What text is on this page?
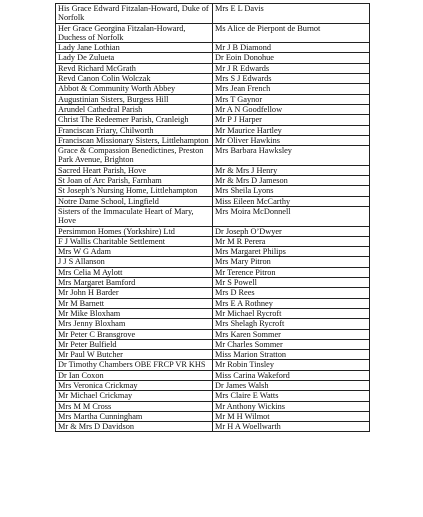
His Grace Edward Fitzalan-Howard, Duke of Norfolk	Mrs E L Davis
Her Grace Georgina Fitzalan-Howard, Duchess of Norfolk	Ms Alice de Pierpont de Burnot
Lady Jane Lothian	Mr J B Diamond
Lady De Zulueta	Dr Eoin Donohue
Revd Richard McGrath	Mr J R Edwards
Revd Canon Colin Wolczak	Mrs S J Edwards
Abbot & Community Worth Abbey	Mrs Jean French
Augustinian Sisters, Burgess Hill	Mrs T Gaynor
Arundel Cathedral Parish	Mr A N Goodfellow
Christ The Redeemer Parish, Cranleigh	Mr P J Harper
Franciscan Friary, Chilworth	Mr Maurice Hartley
Franciscan Missionary Sisters, Littlehampton	Mr Oliver Hawkins
Grace & Compassion Benedictines, Preston Park Avenue, Brighton	Mrs Barbara Hawksley
Sacred Heart Parish, Hove	Mr & Mrs J Henry
St Joan of Arc Parish, Farnham	Mr & Mrs D Jameson
St Joseph’s Nursing Home, Littlehampton	Mrs Sheila Lyons
Notre Dame School, Lingfield	Miss Eileen McCarthy
Sisters of the Immaculate Heart of Mary, Hove	Mrs Moira McDonnell
Persimmon Homes (Yorkshire) Ltd	Dr Joseph O’Dwyer
F J Wallis Charitable Settlement	Mr M R Perera
Mrs W G Adam	Mrs Margaret Philips
J J S Allanson	Mrs Mary Pitron
Mrs Celia M Aylott	Mr Terence Pitron
Mrs Margaret Bamford	Mr S Powell
Mr John H Barder	Mrs D Rees
Mr M Barnett	Mrs E A Rothney
Mr Mike Bloxham	Mr Michael Rycroft
Mrs Jenny Bloxham	Mrs Shelagh Rycroft
Mr Peter C Bransgrove	Mrs Karen Sommer
Mr Peter Bulfield	Mr Charles Sommer
Mr Paul W Butcher	Miss Marion Stratton
Dr Timothy Chambers OBE FRCP VR KHS	Mr Robin Tinsley
Dr Ian Coxon	Miss Carina Wakeford
Mrs Veronica Crickmay	Dr James Walsh
Mr Michael Crickmay	Mrs Claire E Watts
Mrs M M Cross	Mr Anthony Wickins
Mrs Martha Cunningham	Mr M H Wilmot
Mr & Mrs D Davidson	Mr H A Woellwarth
